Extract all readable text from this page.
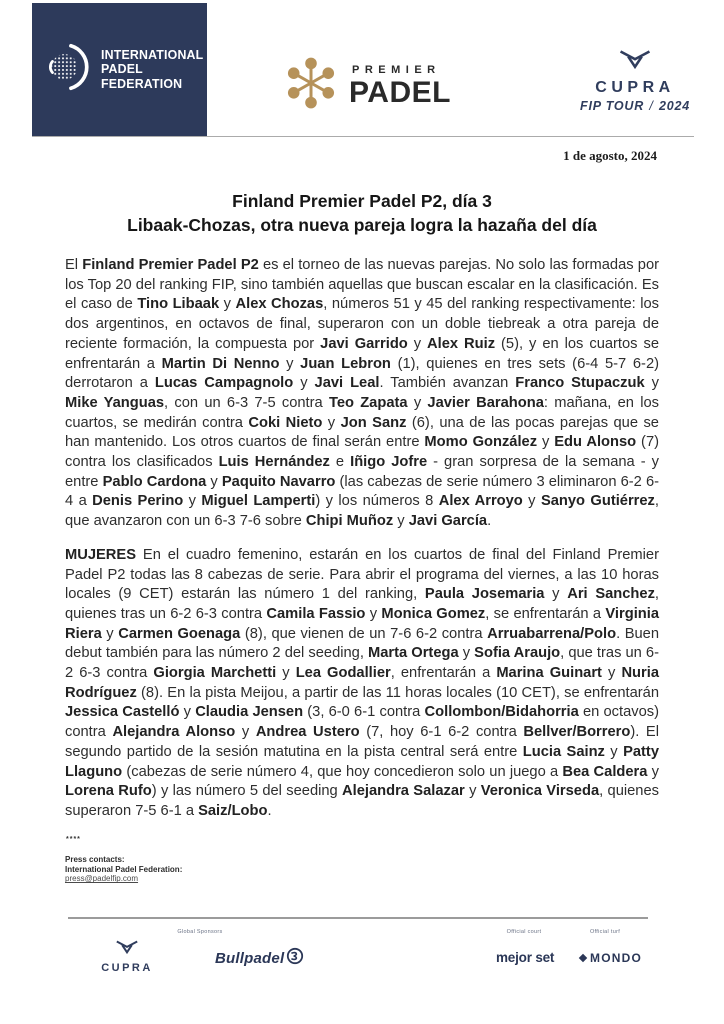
INTERNATIONAL
PADEL
FEDERATION
PREMIER
PADEL	CUPRA
FIP TOUR / 2024
1 de agosto, 2024
Finland Premier Padel P2, día 3
Libaak-Chozas, otra nueva pareja logra la hazaña del día

El Finland Premier Padel P2 es el torneo de las nuevas parejas. No solo las formadas por los Top 20 del ranking FIP, sino también aquellas que buscan escalar en la clasificación. Es el caso de Tino Libaak y Alex Chozas, números 51 y 45 del ranking respectivamente: los dos argentinos, en octavos de final, superaron con un doble tiebreak a otra pareja de reciente formación, la compuesta por Javi Garrido y Alex Ruiz (5), y en los cuartos se enfrentarán a Martin Di Nenno y Juan Lebron (1), quienes en tres sets (6-4 5-7 6-2) derrotaron a Lucas Campagnolo y Javi Leal. También avanzan Franco Stupaczuk y Mike Yanguas, con un 6-3 7-5 contra Teo Zapata y Javier Barahona: mañana, en los cuartos, se medirán contra Coki Nieto y Jon Sanz (6), una de las pocas parejas que se han mantenido. Los otros cuartos de final serán entre Momo González y Edu Alonso (7) contra los clasificados Luis Hernández e Iñigo Jofre - gran sorpresa de la semana - y entre Pablo Cardona y Paquito Navarro (las cabezas de serie número 3 eliminaron 6-2 6-4 a Denis Perino y Miguel Lamperti) y los números 8 Alex Arroyo y Sanyo Gutiérrez, que avanzaron con un 6-3 7-6 sobre Chipi Muñoz y Javi García.

MUJERES En el cuadro femenino, estarán en los cuartos de final del Finland Premier Padel P2 todas las 8 cabezas de serie. Para abrir el programa del viernes, a las 10 horas locales (9 CET) estarán las número 1 del ranking, Paula Josemaria y Ari Sanchez, quienes tras un 6-2 6-3 contra Camila Fassio y Monica Gomez, se enfrentarán a Virginia Riera y Carmen Goenaga (8), que vienen de un 7-6 6-2 contra Arruabarrena/Polo. Buen debut también para las número 2 del seeding, Marta Ortega y Sofia Araujo, que tras un 6-2 6-3 contra Giorgia Marchetti y Lea Godallier, enfrentarán a Marina Guinart y Nuria Rodríguez (8). En la pista Meijou, a partir de las 11 horas locales (10 CET), se enfrentarán Jessica Castelló y Claudia Jensen (3, 6-0 6-1 contra Collombon/Bidahorria en octavos) contra Alejandra Alonso y Andrea Ustero (7, hoy 6-1 6-2 contra Bellver/Borrero). El segundo partido de la sesión matutina en la pista central será entre Lucia Sainz y Patty Llaguno (cabezas de serie número 4, que hoy concedieron solo un juego a Bea Caldera y Lorena Rufo) y las número 5 del seeding Alejandra Salazar y Veronica Virseda, quienes superaron 7-5 6-1 a Saiz/Lobo.

****
Press contacts:
International Padel Federation:
press@padelfip.com
Global Sponsors	Official court	Official turf
CUPRA
Bullpadel	mejor set	MONDO
